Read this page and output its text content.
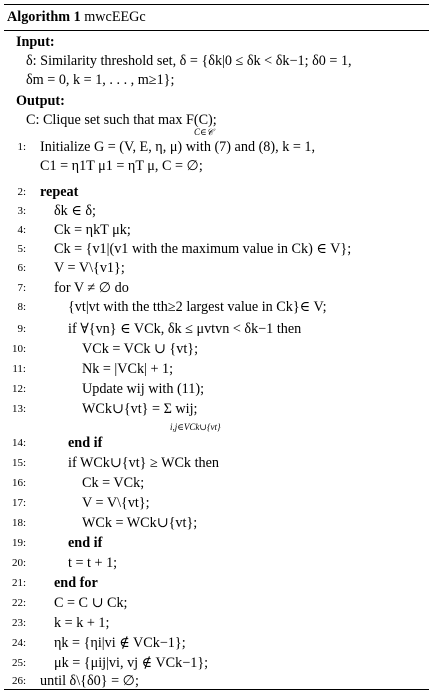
Algorithm 1 mwcEEGc
Input:
δ: Similarity threshold set, δ = {δk|0 ≤ δk < δk−1; δ0 = 1,
δm = 0, k = 1, . . . , m≥1};
Output:
C: Clique set such that max F(C);
C∈𝒞
1: Initialize G = (V, E, η, μ) with (7) and (8), k = 1,
C1 = η1T μ1 = ηT μ, C = ∅;
2: repeat
3: δk ∈ δ;
4: Ck = ηkT μk;
5: Ck = {v1|(v1 with the maximum value in Ck) ∈ V};
6: V = V\{v1};
7: for V ≠ ∅ do
8:	{vt|vt with the tth≥2 largest value in Ck}∈ V;
9:	if ∀{vn} ∈ VCk, δk ≤ μvtvn < δk−1 then
10:	VCk = VCk ∪ {vt};
11:	Nk = |VCk| + 1;
12:	Update wij with (11);
13:	WCk∪{vt} = Σ wij;
14:	end if
15:	if WCk∪{vt} ≥ WCk then
16:	Ck = VCk;
17:	V = V\{vt};
18:	WCk = WCk∪{vt};
19:	end if
20:	t = t + 1;
21: end for
22: C = C ∪ Ck;
23: k = k + 1;
24: ηk = {ηi|vi ∉ VCk−1};
25: μk = {μij|vi, vj ∉ VCk−1};
26: until δ\{δ0} = ∅;
i,j∈VCk∪{vt}
